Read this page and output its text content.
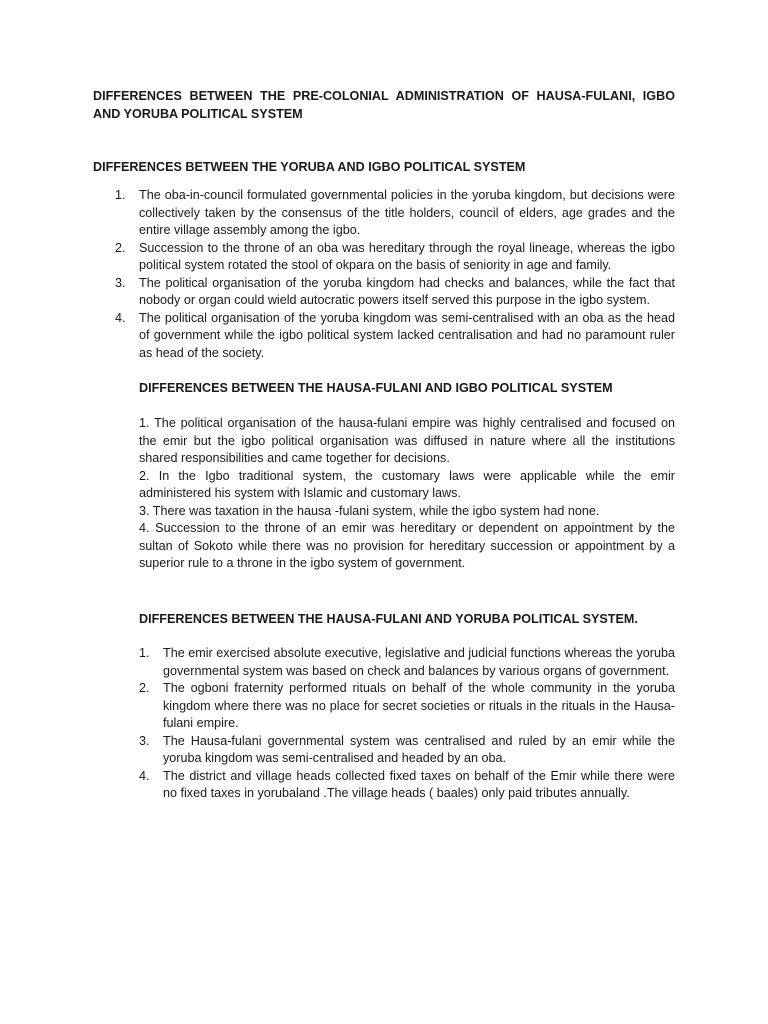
DIFFERENCES BETWEEN THE PRE-COLONIAL ADMINISTRATION OF HAUSA-FULANI, IGBO AND YORUBA POLITICAL SYSTEM
DIFFERENCES BETWEEN THE YORUBA AND IGBO POLITICAL SYSTEM
1. The oba-in-council formulated governmental policies in the yoruba kingdom, but decisions were collectively taken by the consensus of the title holders, council of elders, age grades and the entire village assembly among the igbo.
2. Succession to the throne of an oba was hereditary through the royal lineage, whereas the igbo political system rotated the stool of okpara on the basis of seniority in age and family.
3. The political organisation of the yoruba kingdom had checks and balances, while the fact that nobody or organ could wield autocratic powers itself served this purpose in the igbo system.
4. The political organisation of the yoruba kingdom was semi-centralised with an oba as the head of government while the igbo political system lacked centralisation and had no paramount ruler as head of the society.
DIFFERENCES BETWEEN THE HAUSA-FULANI AND IGBO POLITICAL SYSTEM
1. The political organisation of the hausa-fulani empire was highly centralised and focused on the emir but the igbo political organisation was diffused in nature where all the institutions shared responsibilities and came together for decisions.
2. In the Igbo traditional system, the customary laws were applicable while the emir administered his system with Islamic and customary laws.
3. There was taxation in the hausa -fulani system, while the igbo system had none.
4. Succession to the throne of an emir was hereditary or dependent on appointment by the sultan of Sokoto while there was no provision for hereditary succession or appointment by a superior rule to a throne in the igbo system of government.
DIFFERENCES BETWEEN THE HAUSA-FULANI AND YORUBA POLITICAL SYSTEM.
1. The emir exercised absolute executive, legislative and judicial functions whereas the yoruba governmental system was based on check and balances by various organs of government.
2. The ogboni fraternity performed rituals on behalf of the whole community in the yoruba kingdom where there was no place for secret societies or rituals in the rituals in the Hausa-fulani empire.
3. The Hausa-fulani governmental system was centralised and ruled by an emir while the yoruba kingdom was semi-centralised and headed by an oba.
4. The district and village heads collected fixed taxes on behalf of the Emir while there were no fixed taxes in yorubaland .The village heads ( baales) only paid tributes annually.
